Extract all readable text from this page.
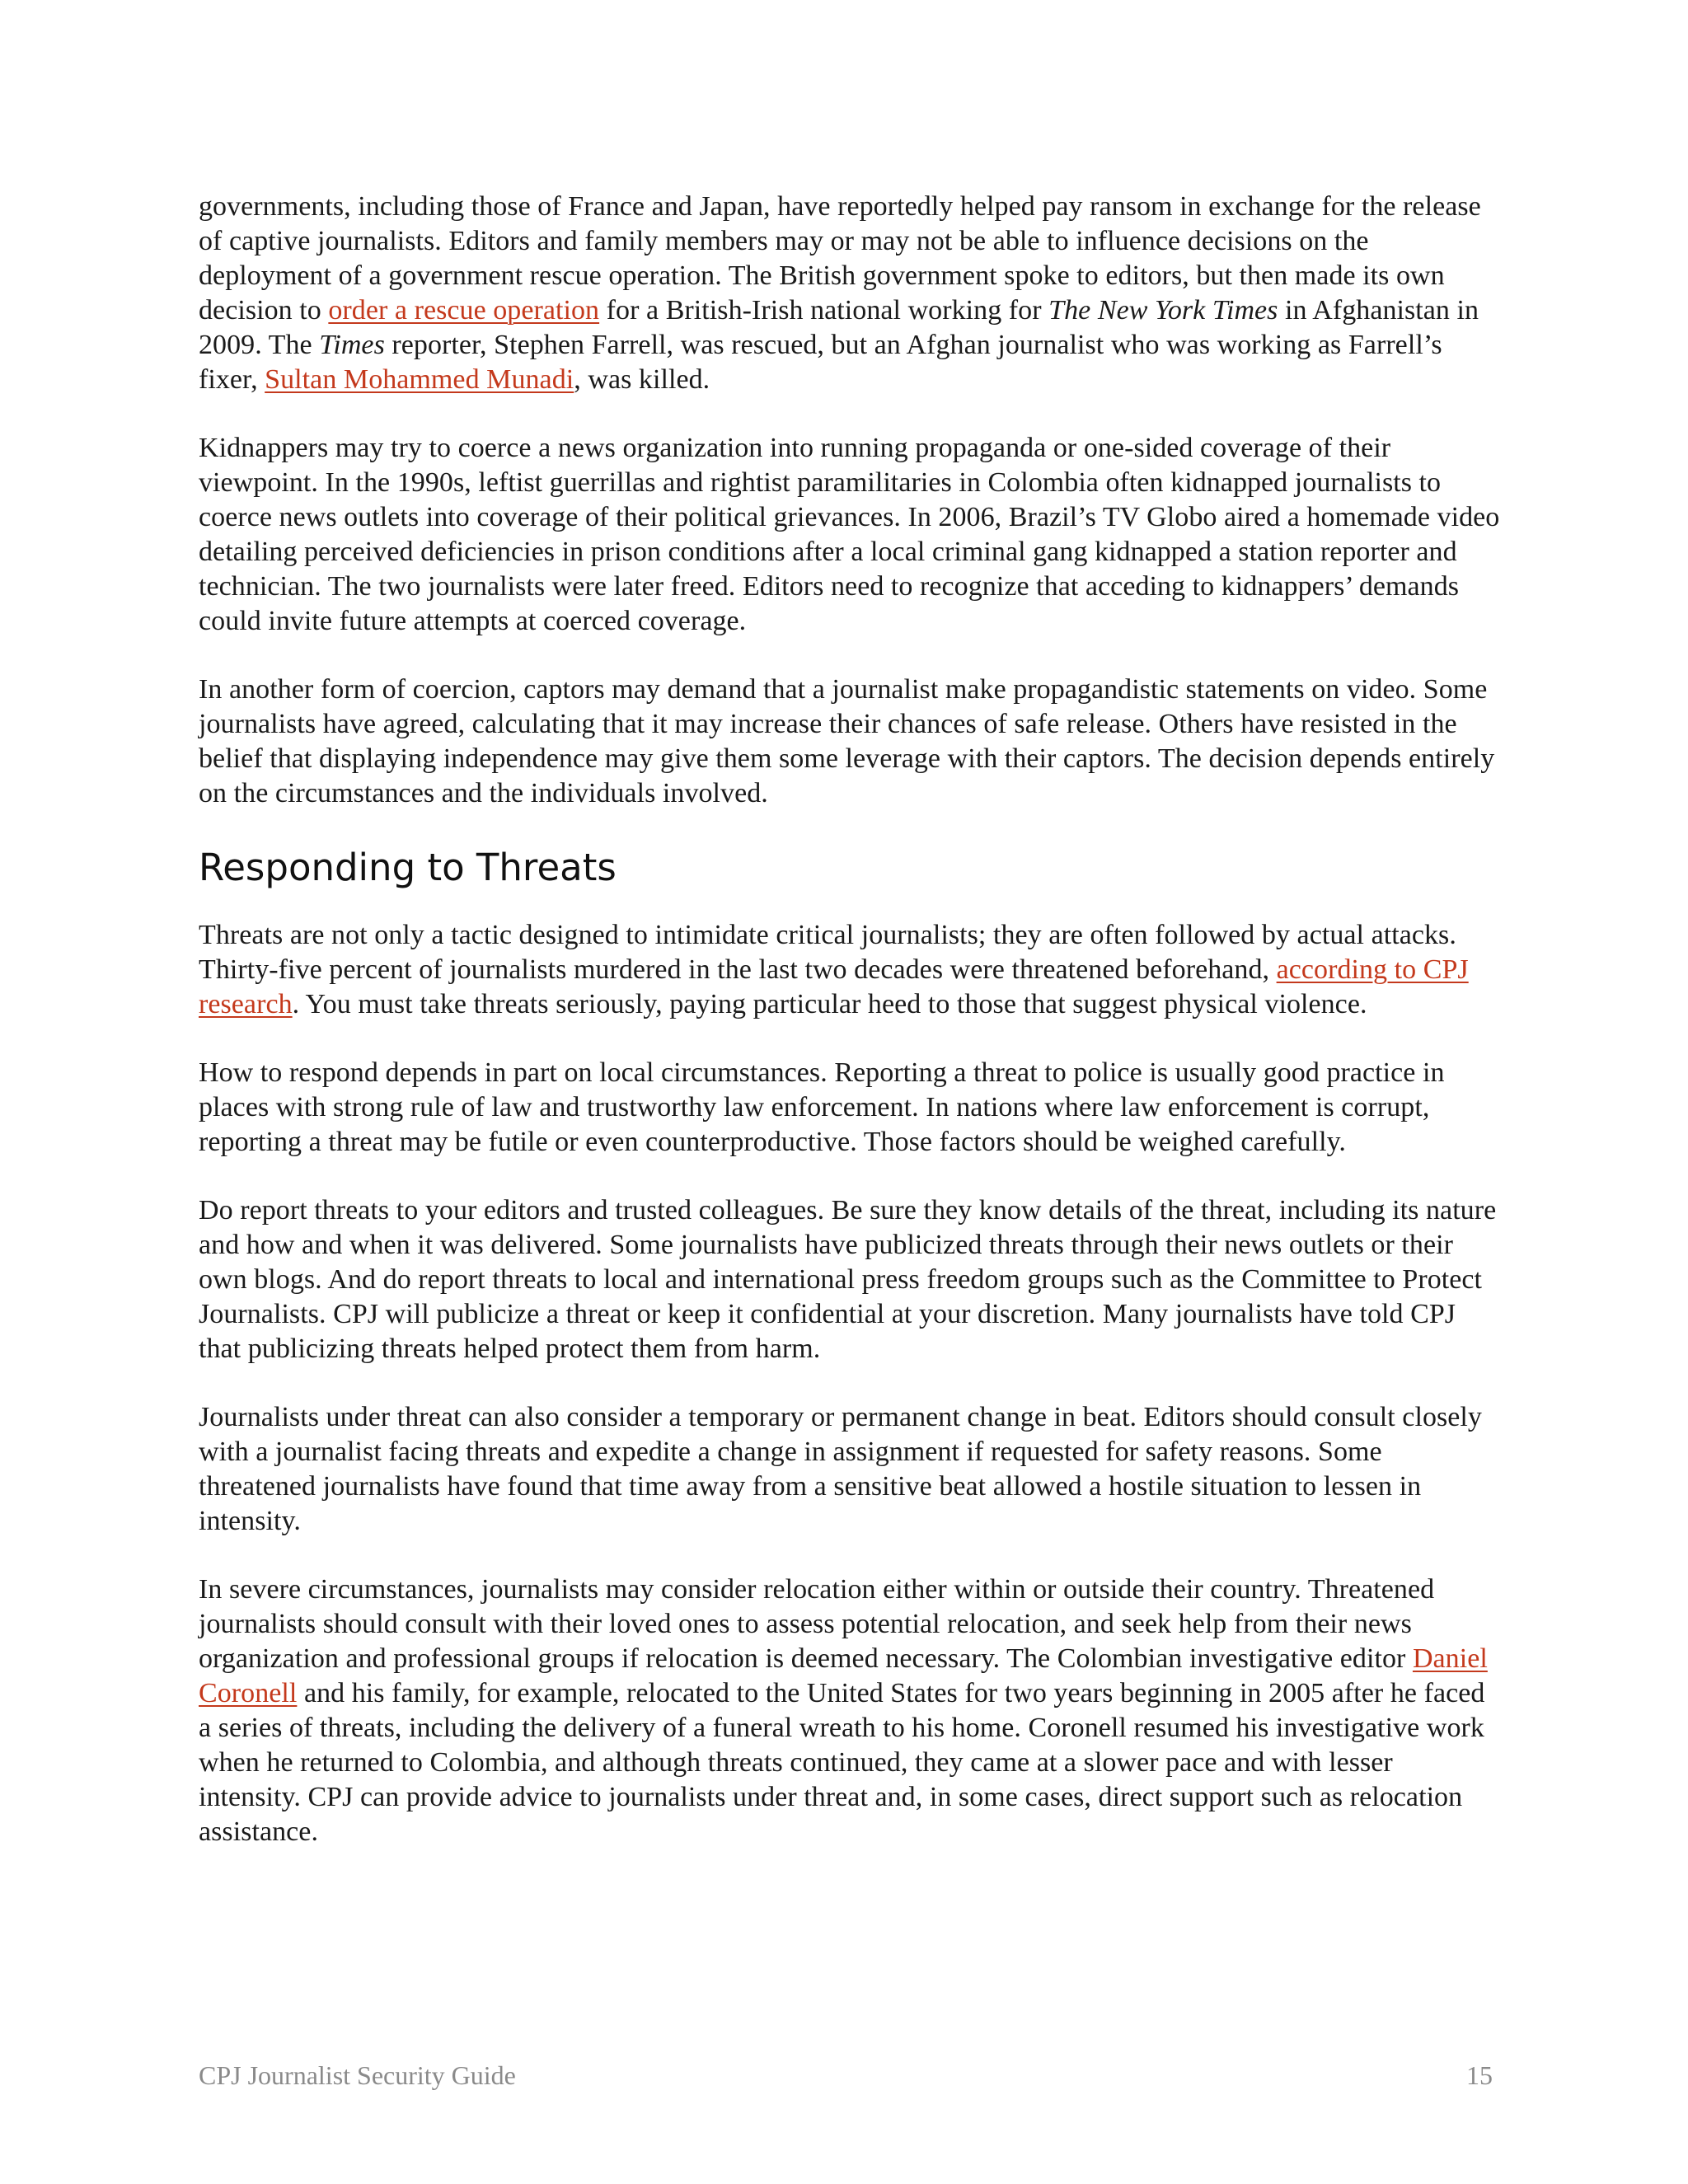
governments, including those of France and Japan, have reportedly helped pay ransom in exchange for the release of captive journalists. Editors and family members may or may not be able to influence decisions on the deployment of a government rescue operation. The British government spoke to editors, but then made its own decision to order a rescue operation for a British-Irish national working for The New York Times in Afghanistan in 2009. The Times reporter, Stephen Farrell, was rescued, but an Afghan journalist who was working as Farrell’s fixer, Sultan Mohammed Munadi, was killed.

Kidnappers may try to coerce a news organization into running propaganda or one-sided coverage of their viewpoint. In the 1990s, leftist guerrillas and rightist paramilitaries in Colombia often kidnapped journalists to coerce news outlets into coverage of their political grievances. In 2006, Brazil’s TV Globo aired a homemade video detailing perceived deficiencies in prison conditions after a local criminal gang kidnapped a station reporter and technician. The two journalists were later freed. Editors need to recognize that acceding to kidnappers’ demands could invite future attempts at coerced coverage.

In another form of coercion, captors may demand that a journalist make propagandistic statements on video. Some journalists have agreed, calculating that it may increase their chances of safe release. Others have resisted in the belief that displaying independence may give them some leverage with their captors. The decision depends entirely on the circumstances and the individuals involved.

Responding to Threats

Threats are not only a tactic designed to intimidate critical journalists; they are often followed by actual attacks. Thirty-five percent of journalists murdered in the last two decades were threatened beforehand, according to CPJ research. You must take threats seriously, paying particular heed to those that suggest physical violence.

How to respond depends in part on local circumstances. Reporting a threat to police is usually good practice in places with strong rule of law and trustworthy law enforcement. In nations where law enforcement is corrupt, reporting a threat may be futile or even counterproductive. Those factors should be weighed carefully.

Do report threats to your editors and trusted colleagues. Be sure they know details of the threat, including its nature and how and when it was delivered. Some journalists have publicized threats through their news outlets or their own blogs. And do report threats to local and international press freedom groups such as the Committee to Protect Journalists. CPJ will publicize a threat or keep it confidential at your discretion. Many journalists have told CPJ that publicizing threats helped protect them from harm.

Journalists under threat can also consider a temporary or permanent change in beat. Editors should consult closely with a journalist facing threats and expedite a change in assignment if requested for safety reasons. Some threatened journalists have found that time away from a sensitive beat allowed a hostile situation to lessen in intensity.

In severe circumstances, journalists may consider relocation either within or outside their country. Threatened journalists should consult with their loved ones to assess potential relocation, and seek help from their news organization and professional groups if relocation is deemed necessary. The Colombian investigative editor Daniel Coronell and his family, for example, relocated to the United States for two years beginning in 2005 after he faced a series of threats, including the delivery of a funeral wreath to his home. Coronell resumed his investigative work when he returned to Colombia, and although threats continued, they came at a slower pace and with lesser intensity. CPJ can provide advice to journalists under threat and, in some cases, direct support such as relocation assistance.

CPJ Journalist Security Guide	15
